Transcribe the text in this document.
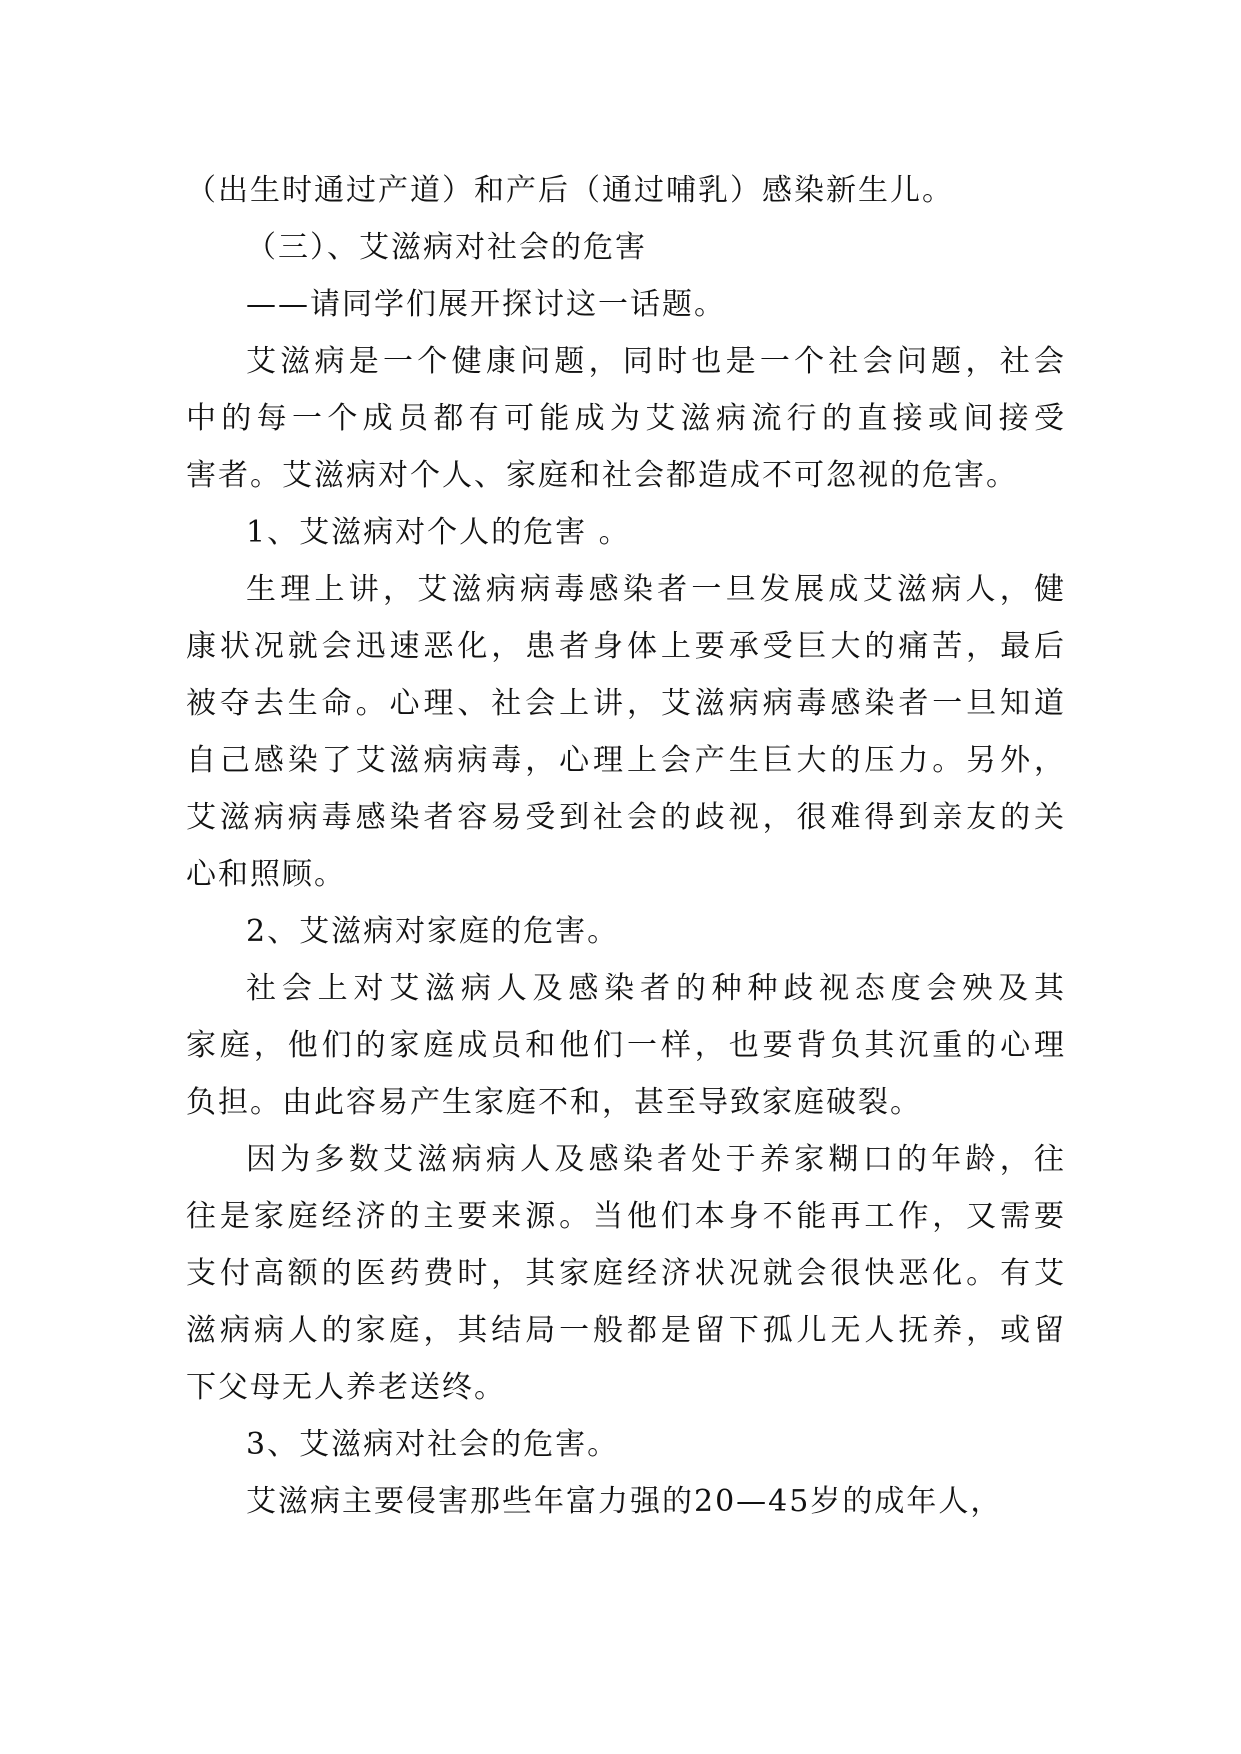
（出生时通过产道）和产后（通过哺乳）感染新生儿。
（三）、艾滋病对社会的危害
——请同学们展开探讨这一话题。
艾滋病是一个健康问题，同时也是一个社会问题，社会
中的每一个成员都有可能成为艾滋病流行的直接或间接受
害者。艾滋病对个人、家庭和社会都造成不可忽视的危害。
1、艾滋病对个人的危害 。
生理上讲，艾滋病病毒感染者一旦发展成艾滋病人，健
康状况就会迅速恶化，患者身体上要承受巨大的痛苦，最后
被夺去生命。心理、社会上讲，艾滋病病毒感染者一旦知道
自己感染了艾滋病病毒，心理上会产生巨大的压力。另外，
艾滋病病毒感染者容易受到社会的歧视，很难得到亲友的关
心和照顾。
2、艾滋病对家庭的危害。
社会上对艾滋病人及感染者的种种歧视态度会殃及其
家庭，他们的家庭成员和他们一样，也要背负其沉重的心理
负担。由此容易产生家庭不和，甚至导致家庭破裂。
因为多数艾滋病病人及感染者处于养家糊口的年龄，往
往是家庭经济的主要来源。当他们本身不能再工作，又需要
支付高额的医药费时，其家庭经济状况就会很快恶化。有艾
滋病病人的家庭，其结局一般都是留下孤儿无人抚养，或留
下父母无人养老送终。
3、艾滋病对社会的危害。
艾滋病主要侵害那些年富力强的20—45岁的成年人，
